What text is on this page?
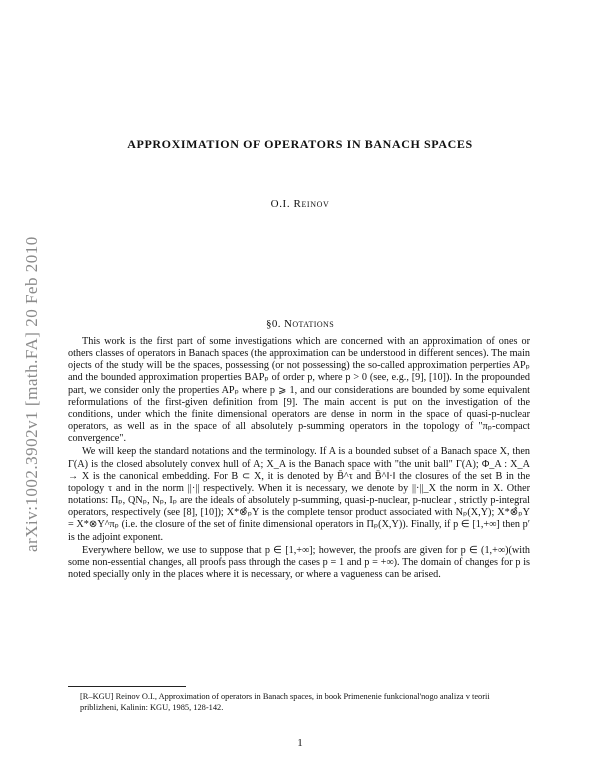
arXiv:1002.3902v1 [math.FA] 20 Feb 2010
APPROXIMATION OF OPERATORS IN BANACH SPACES
O.I. Reinov
§0. Notations

This work is the first part of some investigations which are concerned with an approximation of ones or others classes of operators in Banach spaces (the approximation can be understood in different sences). The main ojects of the study will be the spaces, possessing (or not possessing) the so-called approximation perperties APₚ and the bounded approximation properties BAPₚ of order p, where p > 0 (see, e.g., [9], [10]). In the propounded part, we consider only the properties APₚ where p ⩾ 1, and our considerations are bounded by some equivalent reformulations of the first-given definition from [9]. The main accent is put on the investigation of the conditions, under which the finite dimensional operators are dense in norm in the space of quasi-p-nuclear operators, as well as in the space of all absolutely p-summing operators in the topology of "πₚ-compact convergence".

We will keep the standard notations and the terminology. If A is a bounded subset of a Banach space X, then Γ(A) is the closed absolutely convex hull of A; X_A is the Banach space with "the unit ball" Γ(A); Φ_A : X_A → X is the canonical embedding. For B ⊂ X, it is denoted by B̄^τ and B̄^‖·‖ the closures of the set B in the topology τ and in the norm ||·|| respectively. When it is necessary, we denote by ||·||_X the norm in X. Other notations: Πₚ, QNₚ, Nₚ, Iₚ are the ideals of absolutely p-summing, quasi-p-nuclear, p-nuclear , strictly p-integral operators, respectively (see [8], [10]); X*⊗̂ₚY is the complete tensor product associated with Nₚ(X,Y); X*⊗̂ₚY = X*⊗Y^πₚ (i.e. the closure of the set of finite dimensional operators in Πₚ(X,Y)). Finally, if p ∈ [1,+∞] then p′ is the adjoint exponent.

Everywhere bellow, we use to suppose that p ∈ [1,+∞]; however, the proofs are given for p ∈ (1,+∞)(with some non-essential changes, all proofs pass through the cases p = 1 and p = +∞). The domain of changes for p is noted specially only in the places where it is necessary, or where a vagueness can be arised.

[R–KGU] Reinov O.I., Approximation of operators in Banach spaces, in book Primenenie funkcional'nogo analiza v teorii priblizheni, Kalinin: KGU, 1985, 128-142.
1
